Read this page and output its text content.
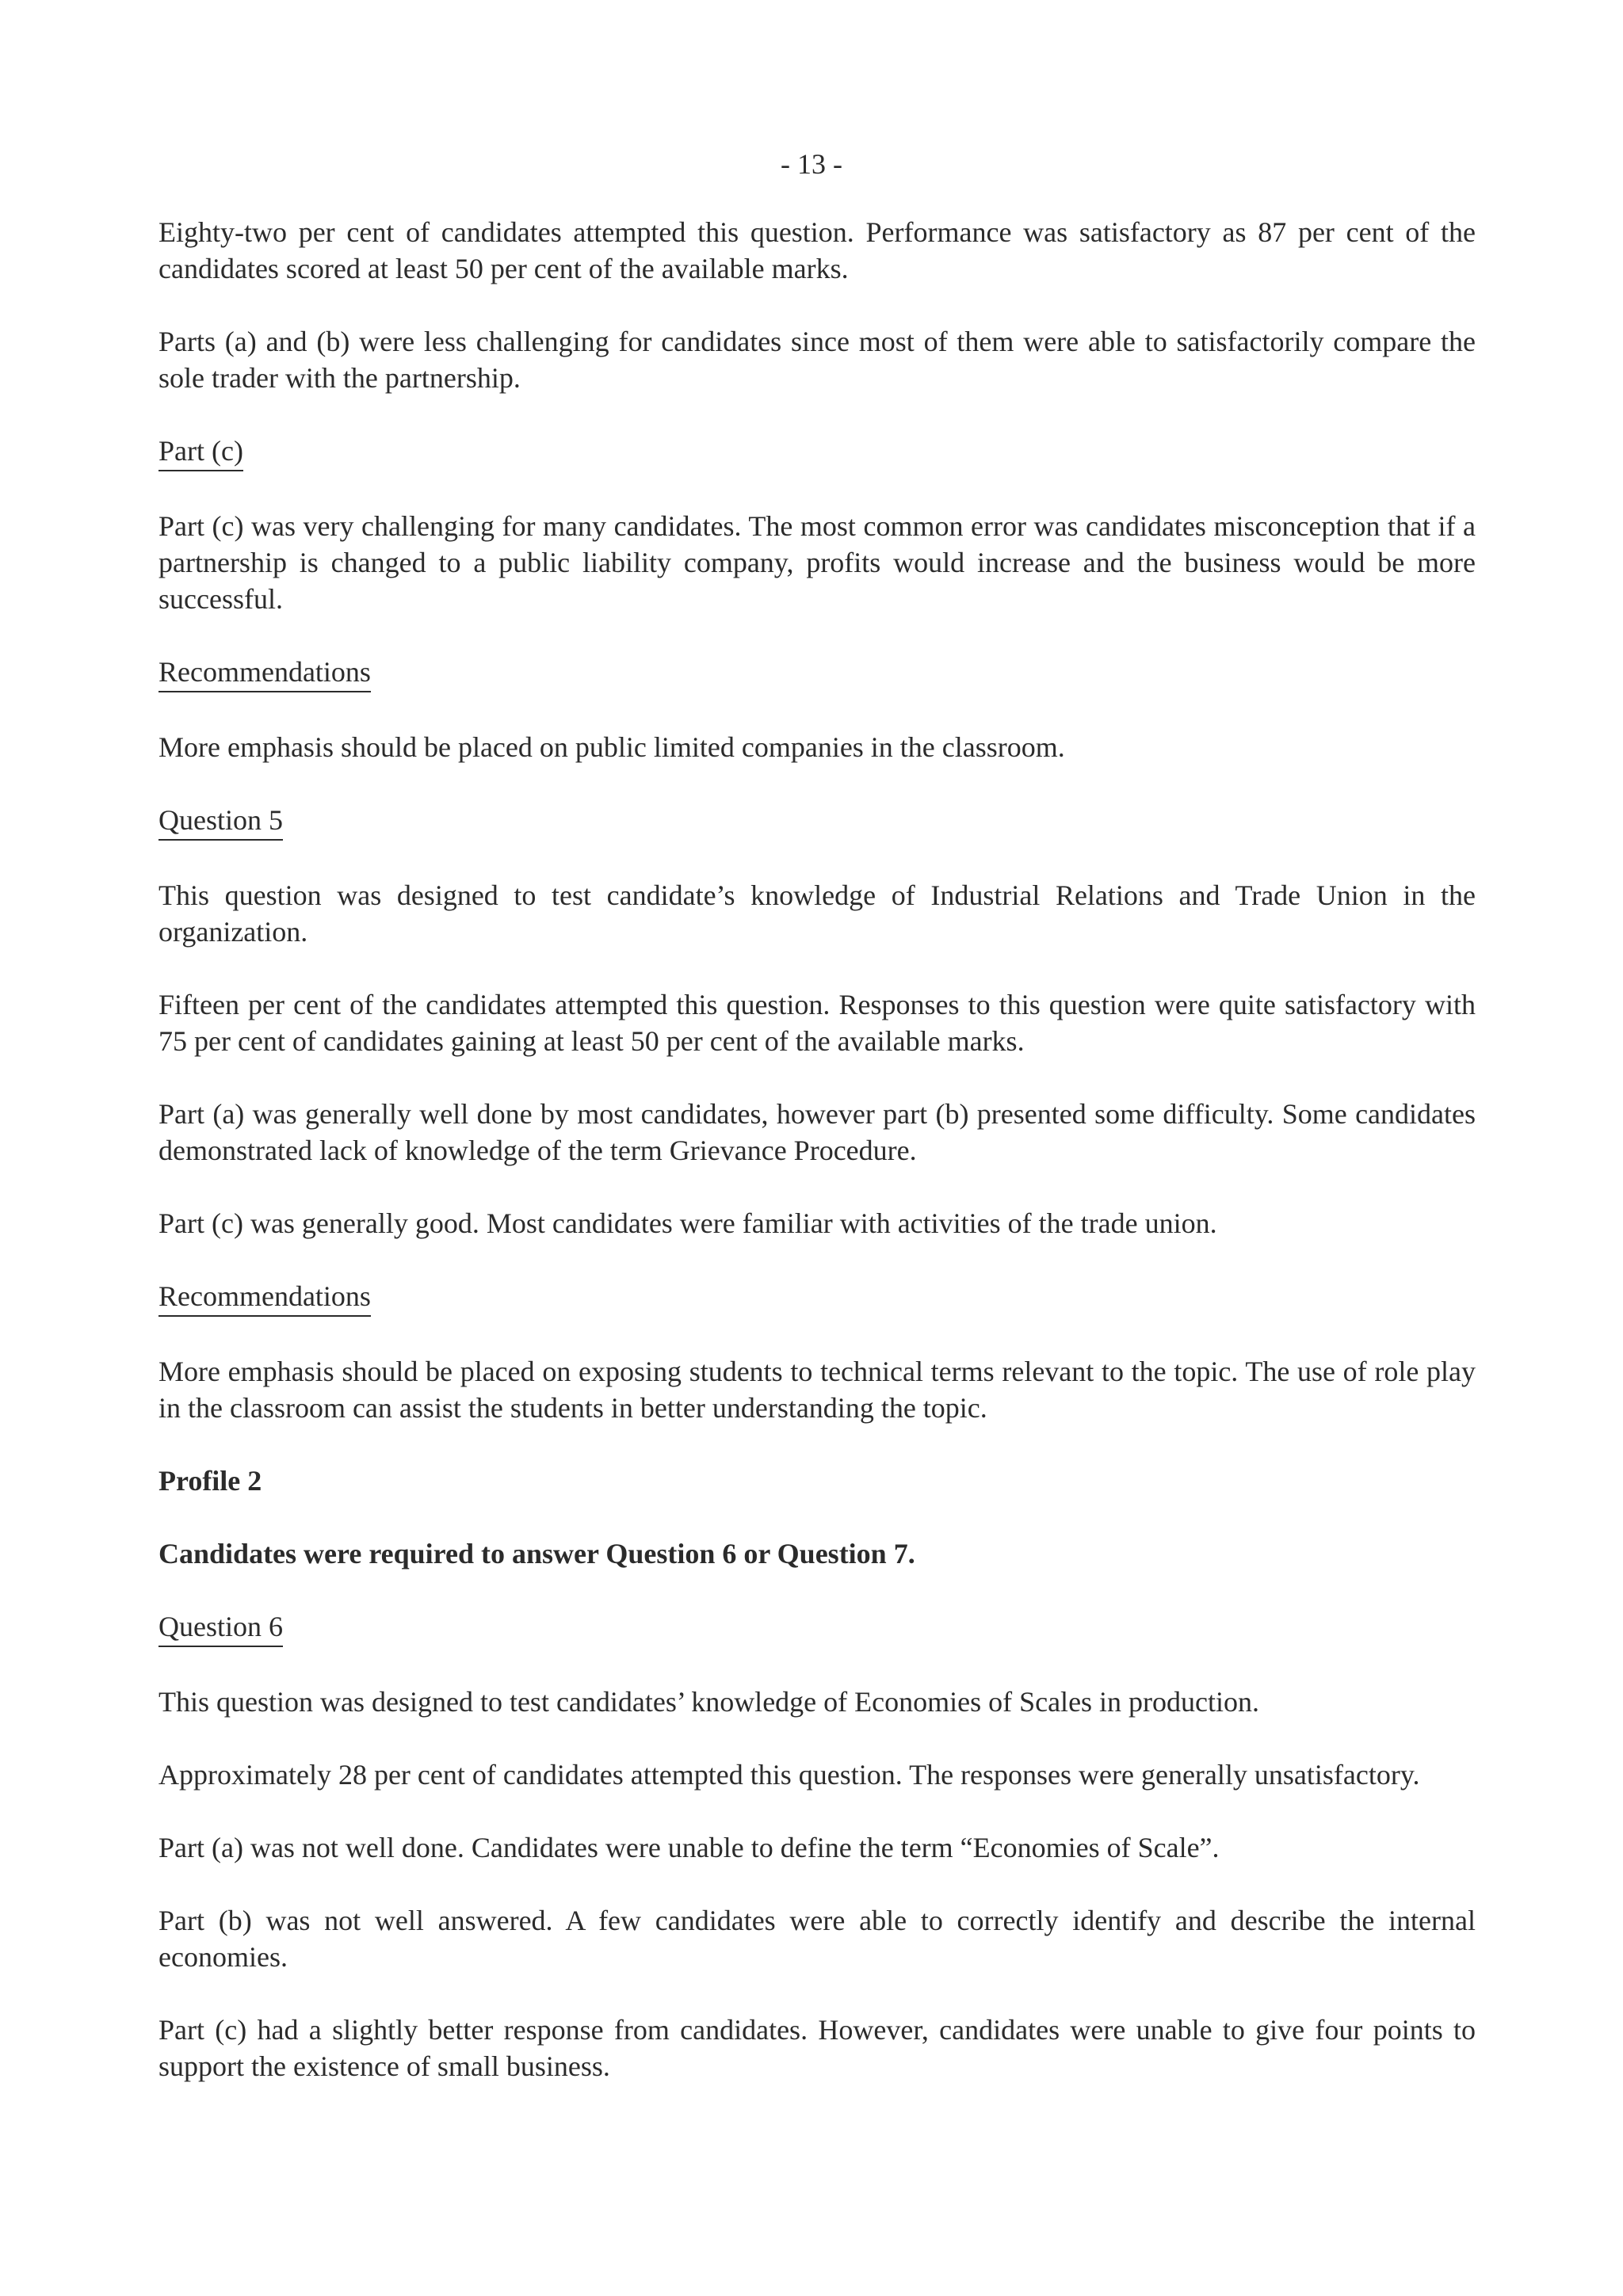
- 13 -

Eighty-two per cent of candidates attempted this question. Performance was satisfactory as 87 per cent of the candidates scored at least 50 per cent of the available marks.

Parts (a) and (b) were less challenging for candidates since most of them were able to satisfactorily compare the sole trader with the partnership.

Part (c)

Part (c) was very challenging for many candidates. The most common error was candidates misconception that if a partnership is changed to a public liability company, profits would increase and the business would be more successful.

Recommendations

More emphasis should be placed on public limited companies in the classroom.

Question 5

This question was designed to test candidate’s knowledge of Industrial Relations and Trade Union in the organization.

Fifteen per cent of the candidates attempted this question. Responses to this question were quite satisfactory with 75 per cent of candidates gaining at least 50 per cent of the available marks.

Part (a) was generally well done by most candidates, however part (b) presented some difficulty. Some candidates demonstrated lack of knowledge of the term Grievance Procedure.

Part (c) was generally good. Most candidates were familiar with activities of the trade union.

Recommendations

More emphasis should be placed on exposing students to technical terms relevant to the topic. The use of role play in the classroom can assist the students in better understanding the topic.

Profile 2

Candidates were required to answer Question 6 or Question 7.

Question 6

This question was designed to test candidates’ knowledge of Economies of Scales in production.

Approximately 28 per cent of candidates attempted this question. The responses were generally unsatisfactory.

Part (a) was not well done. Candidates were unable to define the term “Economies of Scale”.

Part (b) was not well answered. A few candidates were able to correctly identify and describe the internal economies.

Part (c) had a slightly better response from candidates. However, candidates were unable to give four points to support the existence of small business.
